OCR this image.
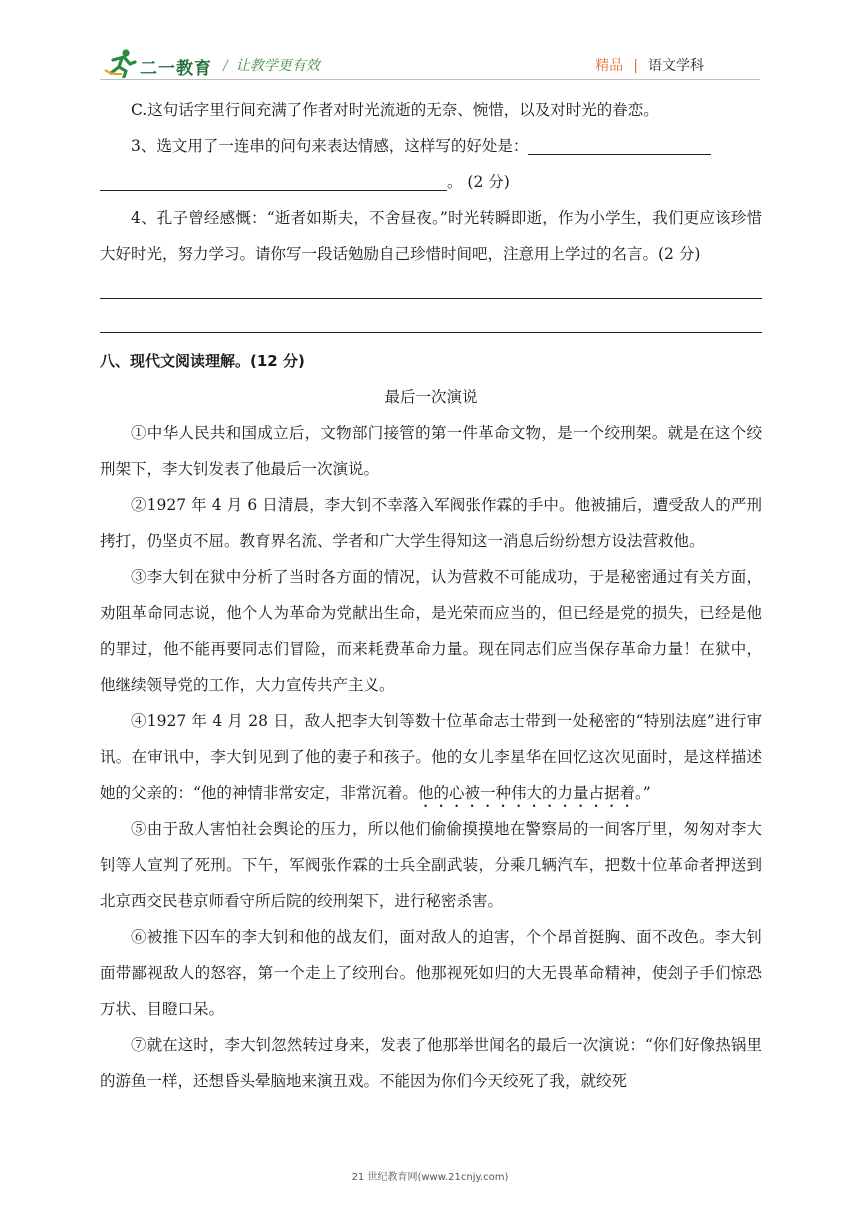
二一教育 / 让教学更有效	精品 | 语文学科

C.这句话字里行间充满了作者对时光流逝的无奈、惋惜，以及对时光的眷恋。

3、选文用了一连串的问句来表达情感，这样写的好处是：

。 (2 分)

4、孔子曾经感慨：“逝者如斯夫，不舍昼夜。”时光转瞬即逝，作为小学生，我们更应该珍惜大好时光，努力学习。请你写一段话勉励自己珍惜时间吧，注意用上学过的名言。(2 分)

八、现代文阅读理解。(12 分)

最后一次演说

①中华人民共和国成立后，文物部门接管的第一件革命文物，是一个绞刑架。就是在这个绞刑架下，李大钊发表了他最后一次演说。

②1927 年 4 月 6 日清晨，李大钊不幸落入军阀张作霖的手中。他被捕后，遭受敌人的严刑拷打，仍坚贞不屈。教育界名流、学者和广大学生得知这一消息后纷纷想方设法营救他。

③李大钊在狱中分析了当时各方面的情况，认为营救不可能成功，于是秘密通过有关方面，劝阻革命同志说，他个人为革命为党献出生命，是光荣而应当的，但已经是党的损失，已经是他的罪过，他不能再要同志们冒险，而来耗费革命力量。现在同志们应当保存革命力量！在狱中，他继续领导党的工作，大力宣传共产主义。

④1927 年 4 月 28 日，敌人把李大钊等数十位革命志士带到一处秘密的“特别法庭”进行审讯。在审讯中，李大钊见到了他的妻子和孩子。他的女儿李星华在回忆这次见面时，是这样描述她的父亲的：“他的神情非常安定，非常沉着。他的心被一种伟大的力量占据着。”

⑤由于敌人害怕社会舆论的压力，所以他们偷偷摸摸地在警察局的一间客厅里，匆匆对李大钊等人宣判了死刑。下午，军阀张作霖的士兵全副武装，分乘几辆汽车，把数十位革命者押送到北京西交民巷京师看守所后院的绞刑架下，进行秘密杀害。

⑥被推下囚车的李大钊和他的战友们，面对敌人的迫害，个个昂首挺胸、面不改色。李大钊面带鄙视敌人的怒容，第一个走上了绞刑台。他那视死如归的大无畏革命精神，使刽子手们惊恐万状、目瞪口呆。

⑦就在这时，李大钊忽然转过身来，发表了他那举世闻名的最后一次演说：“你们好像热锅里的游鱼一样，还想昏头晕脑地来演丑戏。不能因为你们今天绞死了我，就绞死

21 世纪教育网(www.21cnjy.com)
